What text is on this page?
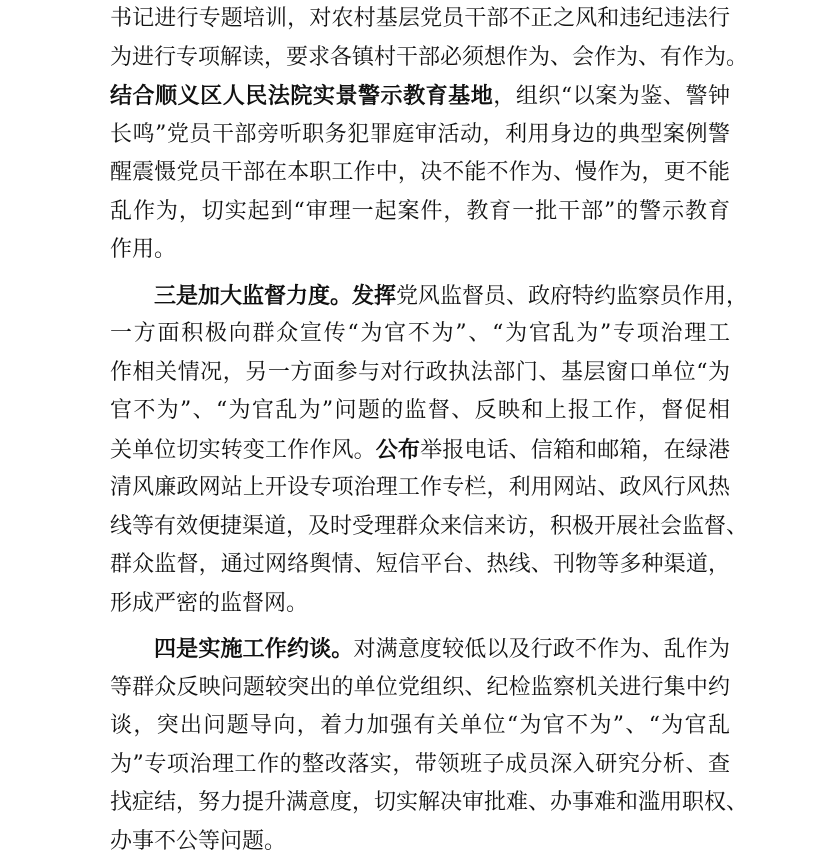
书记进行专题培训，对农村基层党员干部不正之风和违纪违法行
为进行专项解读，要求各镇村干部必须想作为、会作为、有作为。
结合顺义区人民法院实景警示教育基地，组织“以案为鉴、警钟
长鸣”党员干部旁听职务犯罪庭审活动，利用身边的典型案例警
醒震慑党员干部在本职工作中，决不能不作为、慢作为，更不能
乱作为，切实起到“审理一起案件，教育一批干部”的警示教育
作用。
三是加大监督力度。发挥党风监督员、政府特约监察员作用，
一方面积极向群众宣传“为官不为”、“为官乱为”专项治理工
作相关情况，另一方面参与对行政执法部门、基层窗口单位“为
官不为”、“为官乱为”问题的监督、反映和上报工作，督促相
关单位切实转变工作作风。公布举报电话、信箱和邮箱，在绿港
清风廉政网站上开设专项治理工作专栏，利用网站、政风行风热
线等有效便捷渠道，及时受理群众来信来访，积极开展社会监督、
群众监督，通过网络舆情、短信平台、热线、刊物等多种渠道，
形成严密的监督网。
四是实施工作约谈。对满意度较低以及行政不作为、乱作为
等群众反映问题较突出的单位党组织、纪检监察机关进行集中约
谈，突出问题导向，着力加强有关单位“为官不为”、“为官乱
为”专项治理工作的整改落实，带领班子成员深入研究分析、查
找症结，努力提升满意度，切实解决审批难、办事难和滥用职权、
办事不公等问题。
